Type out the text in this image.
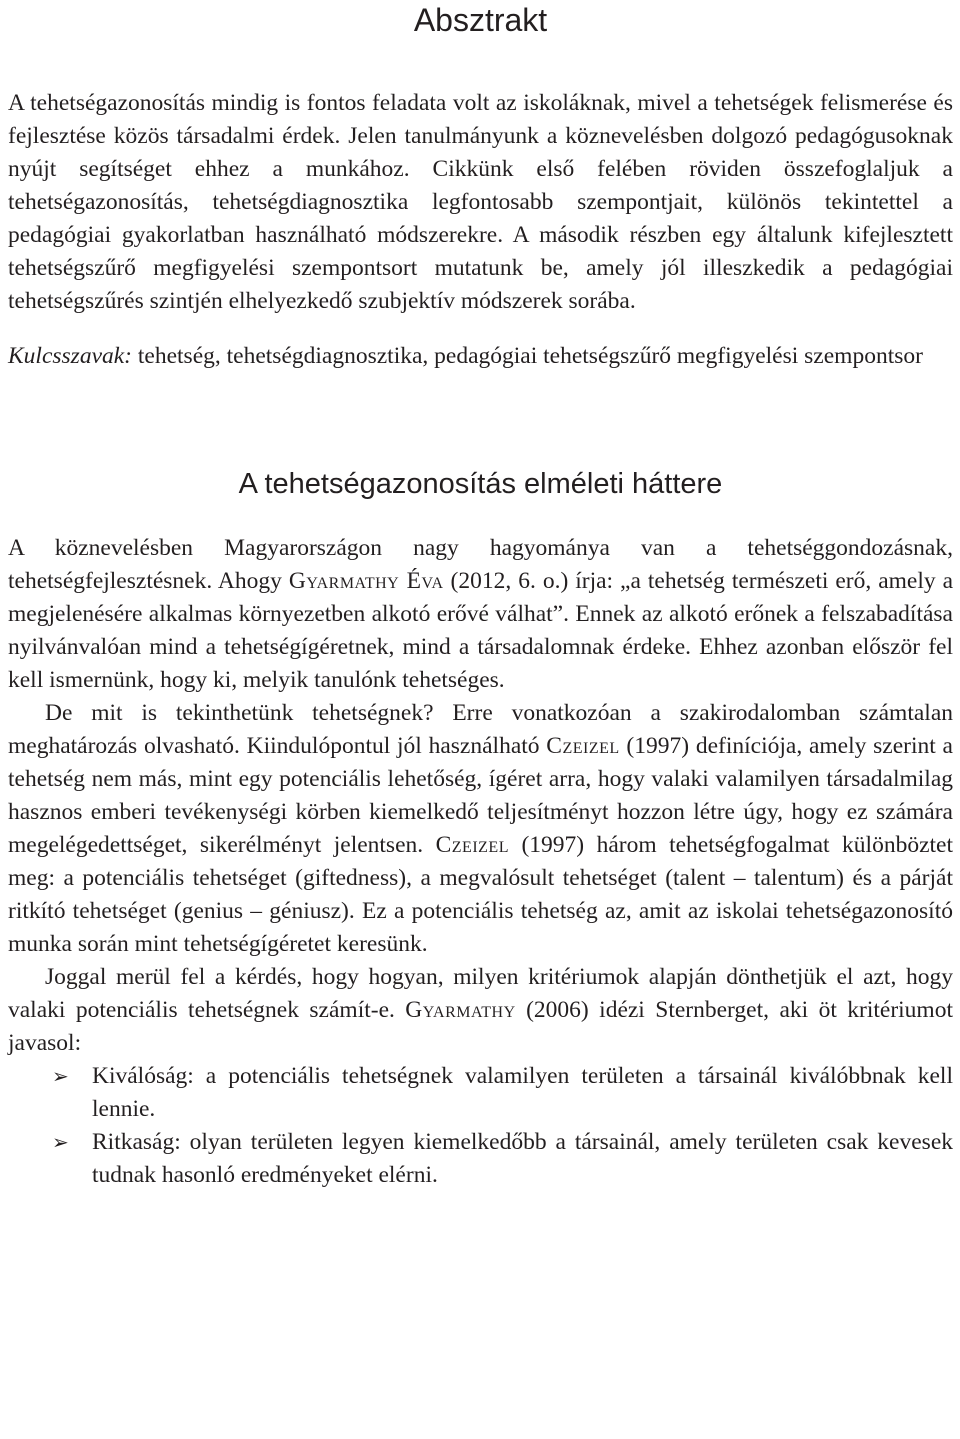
Absztrakt

A tehetségazonosítás mindig is fontos feladata volt az iskoláknak, mivel a tehetségek felismerése és fejlesztése közös társadalmi érdek. Jelen tanulmányunk a köznevelésben dolgozó pedagógusoknak nyújt segítséget ehhez a munkához. Cikkünk első felében röviden összefoglaljuk a tehetségazonosítás, tehetségdiagnosztika legfontosabb szempontjait, különös tekintettel a pedagógiai gyakorlatban használható módszerekre. A második részben egy általunk kifejlesztett tehetségszűrő megfigyelési szempontsort mutatunk be, amely jól illeszkedik a pedagógiai tehetségszűrés szintjén elhelyezkedő szubjektív módszerek sorába.

Kulcsszavak: tehetség, tehetségdiagnosztika, pedagógiai tehetségszűrő megfigyelési szempontsor

A tehetségazonosítás elméleti háttere

A köznevelésben Magyarországon nagy hagyománya van a tehetséggondozásnak, tehetségfejlesztésnek. Ahogy Gyarmathy Éva (2012, 6. o.) írja: „a tehetség természeti erő, amely a megjelenésére alkalmas környezetben alkotó erővé válhat”. Ennek az alkotó erőnek a felszabadítása nyilvánvalóan mind a tehetségígéretnek, mind a társadalomnak érdeke. Ehhez azonban először fel kell ismernünk, hogy ki, melyik tanulónk tehetséges.

De mit is tekinthetünk tehetségnek? Erre vonatkozóan a szakirodalomban számtalan meghatározás olvasható. Kiindulópontul jól használható Czeizel (1997) definíciója, amely szerint a tehetség nem más, mint egy potenciális lehetőség, ígéret arra, hogy valaki valamilyen társadalmilag hasznos emberi tevékenységi körben kiemelkedő teljesítményt hozzon létre úgy, hogy ez számára megelégedettséget, sikerélményt jelentsen. Czeizel (1997) három tehetségfogalmat különböztet meg: a potenciális tehetséget (giftedness), a megvalósult tehetséget (talent – talentum) és a párját ritkító tehetséget (genius – géniusz). Ez a potenciális tehetség az, amit az iskolai tehetségazonosító munka során mint tehetségígéretet keresünk.

Joggal merül fel a kérdés, hogy hogyan, milyen kritériumok alapján dönthetjük el azt, hogy valaki potenciális tehetségnek számít-e. Gyarmathy (2006) idézi Sternberget, aki öt kritériumot javasol:

➢ Kiválóság: a potenciális tehetségnek valamilyen területen a társainál kiválóbbnak kell lennie.
➢ Ritkaság: olyan területen legyen kiemelkedőbb a társainál, amely területen csak kevesek tudnak hasonló eredményeket elérni.
